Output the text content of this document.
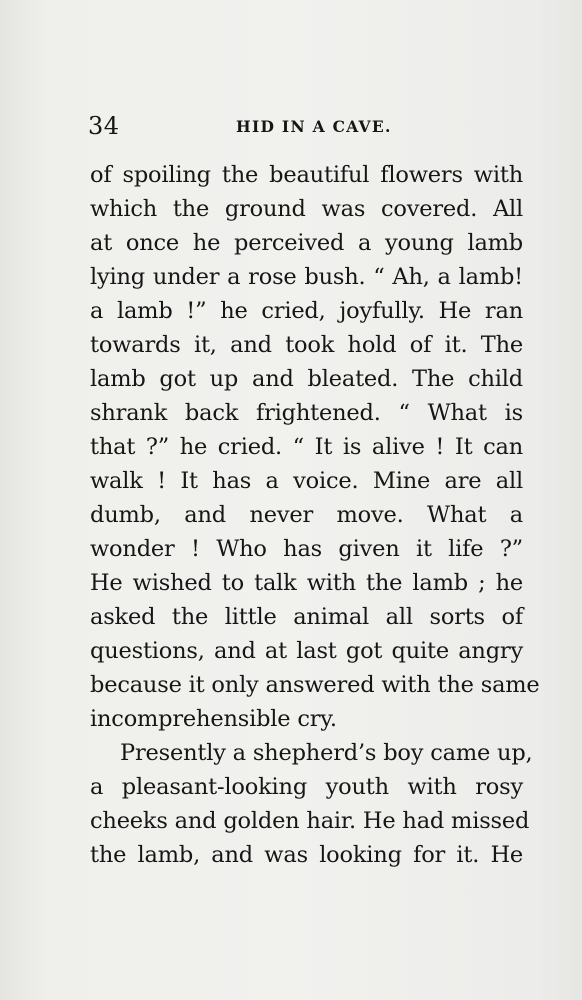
34	HID IN A CAVE.
of spoiling the beautiful flowers with
which the ground was covered. All
at once he perceived a young lamb
lying under a rose bush. “ Ah, a lamb!
a lamb !” he cried, joyfully. He ran
towards it, and took hold of it. The
lamb got up and bleated. The child
shrank back frightened. “ What is
that ?” he cried. “ It is alive ! It can
walk ! It has a voice. Mine are all
dumb, and never move. What a
wonder ! Who has given it life ?”
He wished to talk with the lamb ; he
asked the little animal all sorts of
questions, and at last got quite angry
because it only answered with the same
incomprehensible cry.
Presently a shepherd’s boy came up,
a pleasant-looking youth with rosy
cheeks and golden hair. He had missed
the lamb, and was looking for it. He
